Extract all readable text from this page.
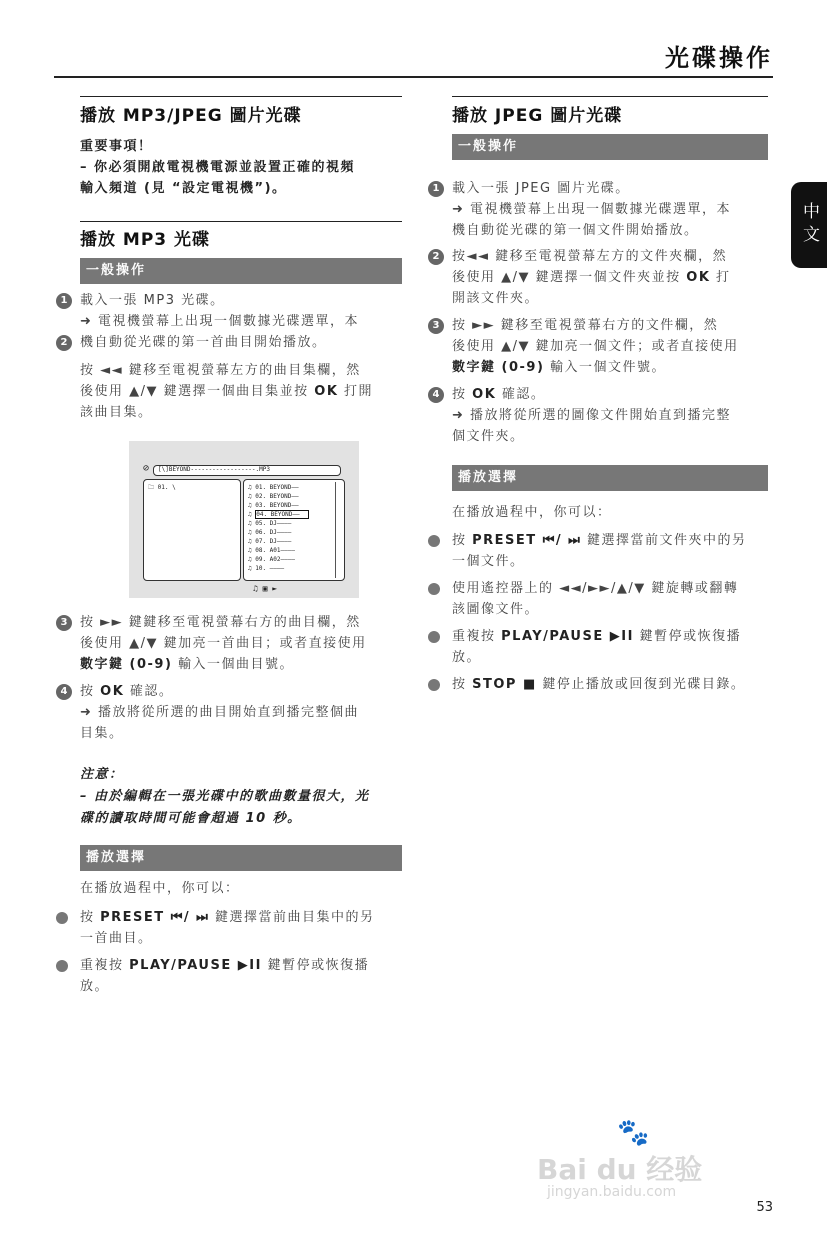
光碟操作
中文
播放 MP3/JPEG 圖片光碟
重要事項！
– 你必須開啟電視機電源並設置正確的視頻
輸入頻道 (見 “設定電視機”)。
播放 MP3 光碟
一般操作
1 載入一張 MP3 光碟。
➜ 電視機螢幕上出現一個數據光碟選單，本
機自動從光碟的第一首曲目開始播放。
2
按 ◄◄ 鍵移至電視螢幕左方的曲目集欄，然
後使用 ▲/▼ 鍵選擇一個曲目集並按 OK 打開
該曲目集。
⊘ [\]BEYOND------------------.MP3
🗀 01. \	♫ 01. BEYOND——
♫ 02. BEYOND——
♫ 03. BEYOND——
♫ 04. BEYOND——
♫ 05. DJ————
♫ 06. DJ————
♫ 07. DJ————
♫ 08. A01————
♫ 09. A02————
♫ 10. ————
♫ ▣ ►
3 按 ►► 鍵鍵移至電視螢幕右方的曲目欄，然
後使用 ▲/▼ 鍵加亮一首曲目；或者直接使用
數字鍵 (0-9) 輸入一個曲目號。
4 按 OK 確認。
➜ 播放將從所選的曲目開始直到播完整個曲
目集。
注意：
– 由於編輯在一張光碟中的歌曲數量很大，光
碟的讀取時間可能會超過 10 秒。
播放選擇
在播放過程中，你可以：
按 PRESET ⏮/ ⏭ 鍵選擇當前曲目集中的另
一首曲目。
重複按 PLAY/PAUSE ▶II 鍵暫停或恢復播
放。
播放 JPEG 圖片光碟
一般操作
1 載入一張 JPEG 圖片光碟。
➜ 電視機螢幕上出現一個數據光碟選單，本
機自動從光碟的第一個文件開始播放。
2 按◄◄ 鍵移至電視螢幕左方的文件夾欄，然
後使用 ▲/▼ 鍵選擇一個文件夾並按 OK 打
開該文件夾。
3 按 ►► 鍵移至電視螢幕右方的文件欄，然
後使用 ▲/▼ 鍵加亮一個文件；或者直接使用
數字鍵 (0-9) 輸入一個文件號。
4 按 OK 確認。
➜ 播放將從所選的圖像文件開始直到播完整
個文件夾。
播放選擇
在播放過程中，你可以：
按 PRESET ⏮/ ⏭ 鍵選擇當前文件夾中的另
一個文件。
使用遙控器上的 ◄◄/►►/▲/▼ 鍵旋轉或翻轉
該圖像文件。
重複按 PLAY/PAUSE ▶II 鍵暫停或恢復播
放。
按 STOP ■ 鍵停止播放或回復到光碟目錄。
🐾
Bai du 经验
jingyan.baidu.com
53
